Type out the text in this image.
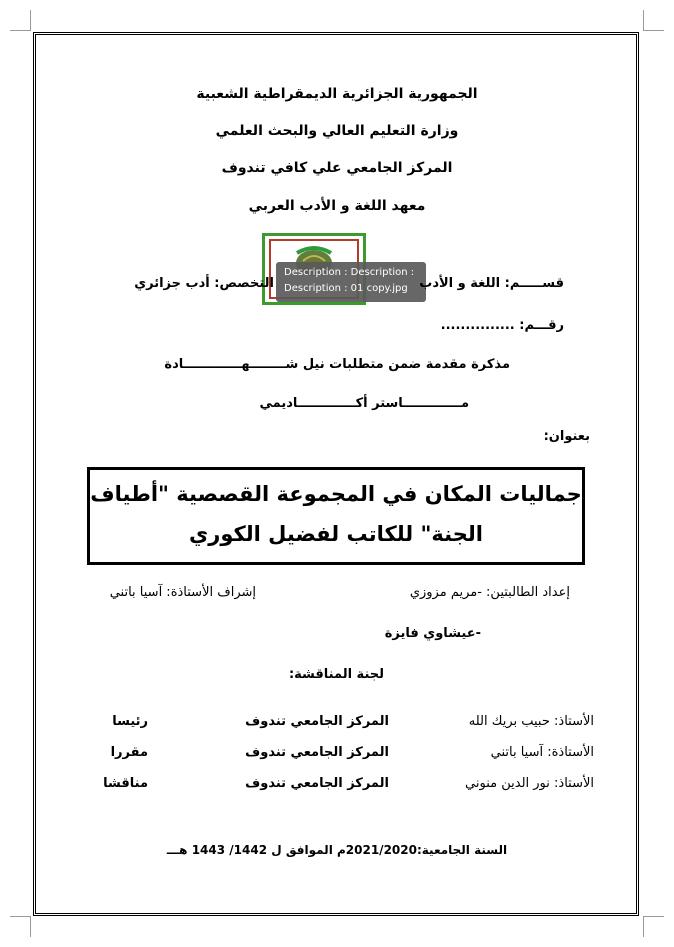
الجمهورية الجزائرية الديمقراطية الشعبية
وزارة التعليم العالي والبحث العلمي
المركز الجامعي علي كافي تندوف
معهد اللغة و الأدب العربي
Description : Description :
Description : 01 copy.jpg قســـــم: اللغة و الأدب
التخصص: أدب جزائري
رقـــم: ...............
مذكرة مقدمة ضمن متطلبات نيل شــــــــهـــــــــــــادة
مـــــــــــــاستر أكـــــــــــــاديمي
بعنوان:
جماليات المكان في المجموعة القصصية "أطياف
الجنة" للكاتب لفضيل الكوري
إعداد الطالبتين: -مريم مزوزي
إشراف الأستاذة: آسيا باتني
-عيشاوي فايزة
لجنة المناقشة:
الأستاذ: حبيب بريك الله
المركز الجامعي تندوف
رئيسا
الأستاذة: آسيا باتني
المركز الجامعي تندوف
مقررا
الأستاذ: نور الدين منوني
المركز الجامعي تندوف
مناقشا
السنة الجامعية:2021/2020م الموافق ل 1442/ 1443 هـــ
